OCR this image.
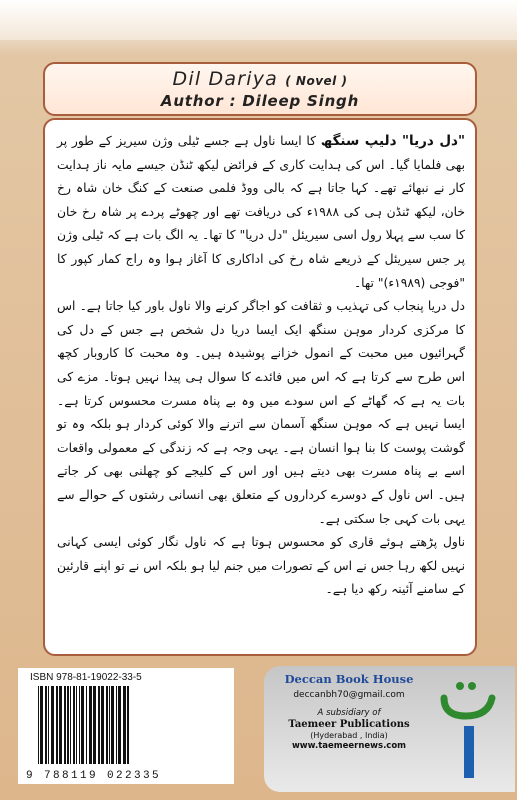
Dil Dariya ( Novel )
Author : Dileep Singh

"دل دریا" دلیپ سنگھ کا ایسا ناول ہے جسے ٹیلی وژن سیریز کے طور پر بھی فلمایا گیا۔ اس کی ہدایت کاری کے فرائض لیکھ ٹنڈن جیسے مایہ ناز ہدایت کار نے نبھائے تھے۔ کہا جاتا ہے کہ بالی ووڈ فلمی صنعت کے کنگ خان شاہ رخ خان، لیکھ ٹنڈن ہی کی ۱۹۸۸ء کی دریافت تھے اور چھوٹے پردے پر شاہ رخ خان کا سب سے پہلا رول اسی سیریئل "دل دریا" کا تھا۔ یہ الگ بات ہے کہ ٹیلی وژن پر جس سیریئل کے ذریعے شاہ رخ کی اداکاری کا آغاز ہوا وہ راج کمار کپور کا "فوجی (۱۹۸۹ء)" تھا۔

دل دریا پنجاب کی تہذیب و ثقافت کو اجاگر کرنے والا ناول باور کیا جاتا ہے۔ اس کا مرکزی کردار موہن سنگھ ایک ایسا دریا دل شخص ہے جس کے دل کی گہرائیوں میں محبت کے انمول خزانے پوشیدہ ہیں۔ وہ محبت کا کاروبار کچھ اس طرح سے کرتا ہے کہ اس میں فائدے کا سوال ہی پیدا نہیں ہوتا۔ مزے کی بات یہ ہے کہ گھاٹے کے اس سودے میں وہ بے پناہ مسرت محسوس کرتا ہے۔ ایسا نہیں ہے کہ موہن سنگھ آسمان سے اترنے والا کوئی کردار ہو بلکہ وہ تو گوشت پوست کا بنا ہوا انسان ہے۔ یہی وجہ ہے کہ زندگی کے معمولی واقعات اسے بے پناہ مسرت بھی دیتے ہیں اور اس کے کلیجے کو چھلنی بھی کر جاتے ہیں۔ اس ناول کے دوسرے کرداروں کے متعلق بھی انسانی رشتوں کے حوالے سے یہی بات کہی جا سکتی ہے۔

ناول پڑھتے ہوئے قاری کو محسوس ہوتا ہے کہ ناول نگار کوئی ایسی کہانی نہیں لکھ رہا جس نے اس کے تصورات میں جنم لیا ہو بلکہ اس نے تو اپنے قارئین کے سامنے آئینہ رکھ دیا ہے۔

ISBN 978-81-19022-33-5
9 788119 022335
Deccan Book House
deccanbh70@gmail.com
A subsidiary of
Taemeer Publications
(Hyderabad , India)
www.taemeernews.com
